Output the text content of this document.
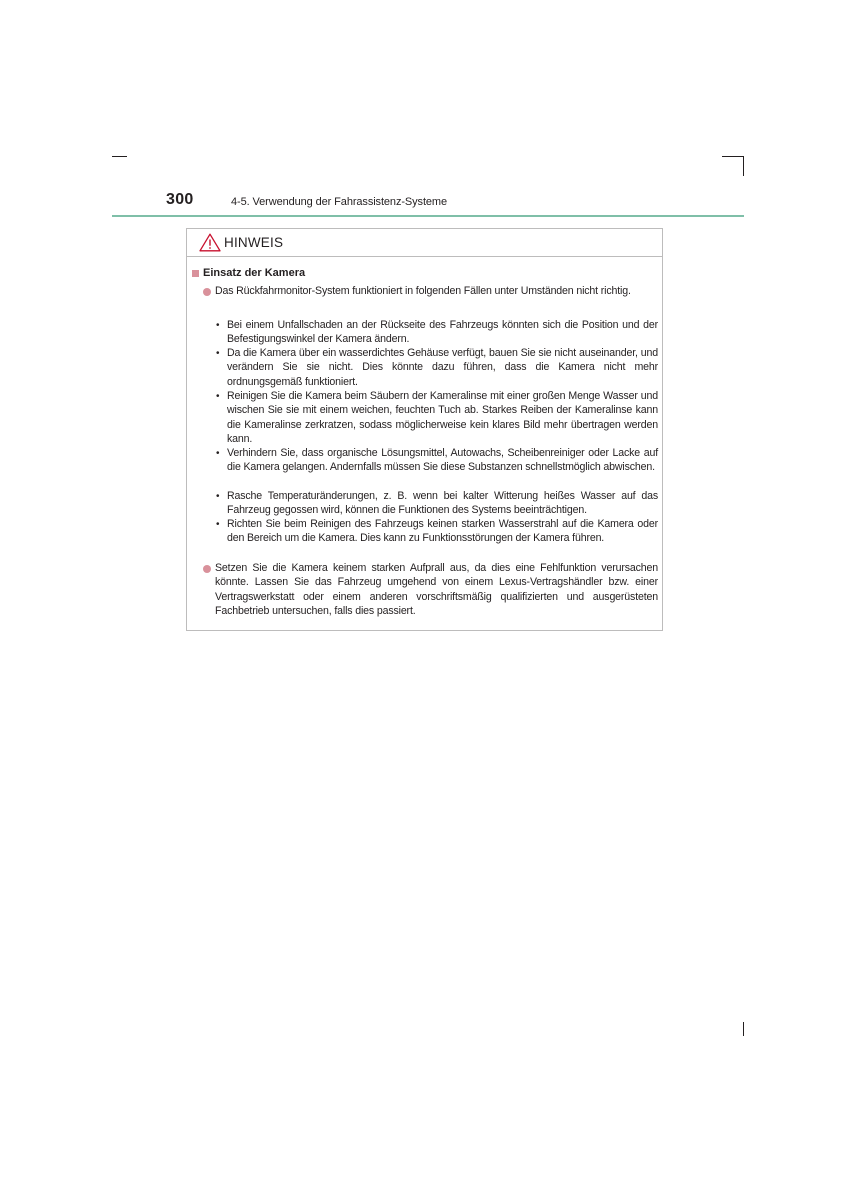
300	4-5. Verwendung der Fahrassistenz-Systeme
HINWEIS
Einsatz der Kamera
Das Rückfahrmonitor-System funktioniert in folgenden Fällen unter Umständen nicht richtig.
• Bei einem Unfallschaden an der Rückseite des Fahrzeugs könnten sich die Position und der Befestigungswinkel der Kamera ändern.
• Da die Kamera über ein wasserdichtes Gehäuse verfügt, bauen Sie sie nicht auseinander, und verändern Sie sie nicht. Dies könnte dazu führen, dass die Kamera nicht mehr ordnungsgemäß funktioniert.
• Reinigen Sie die Kamera beim Säubern der Kameralinse mit einer großen Menge Wasser und wischen Sie sie mit einem weichen, feuchten Tuch ab. Starkes Reiben der Kameralinse kann die Kameralinse zerkratzen, sodass möglicherweise kein klares Bild mehr übertragen werden kann.
• Verhindern Sie, dass organische Lösungsmittel, Autowachs, Scheibenreiniger oder Lacke auf die Kamera gelangen. Andernfalls müssen Sie diese Substanzen schnellstmöglich abwischen.
• Rasche Temperaturänderungen, z. B. wenn bei kalter Witterung heißes Wasser auf das Fahrzeug gegossen wird, können die Funktionen des Systems beeinträchtigen.
• Richten Sie beim Reinigen des Fahrzeugs keinen starken Wasserstrahl auf die Kamera oder den Bereich um die Kamera. Dies kann zu Funktionsstörungen der Kamera führen.
Setzen Sie die Kamera keinem starken Aufprall aus, da dies eine Fehlfunktion verursachen könnte. Lassen Sie das Fahrzeug umgehend von einem Lexus-Vertragshändler bzw. einer Vertragswerkstatt oder einem anderen vorschriftsmäßig qualifizierten und ausgerüsteten Fachbetrieb untersuchen, falls dies passiert.
